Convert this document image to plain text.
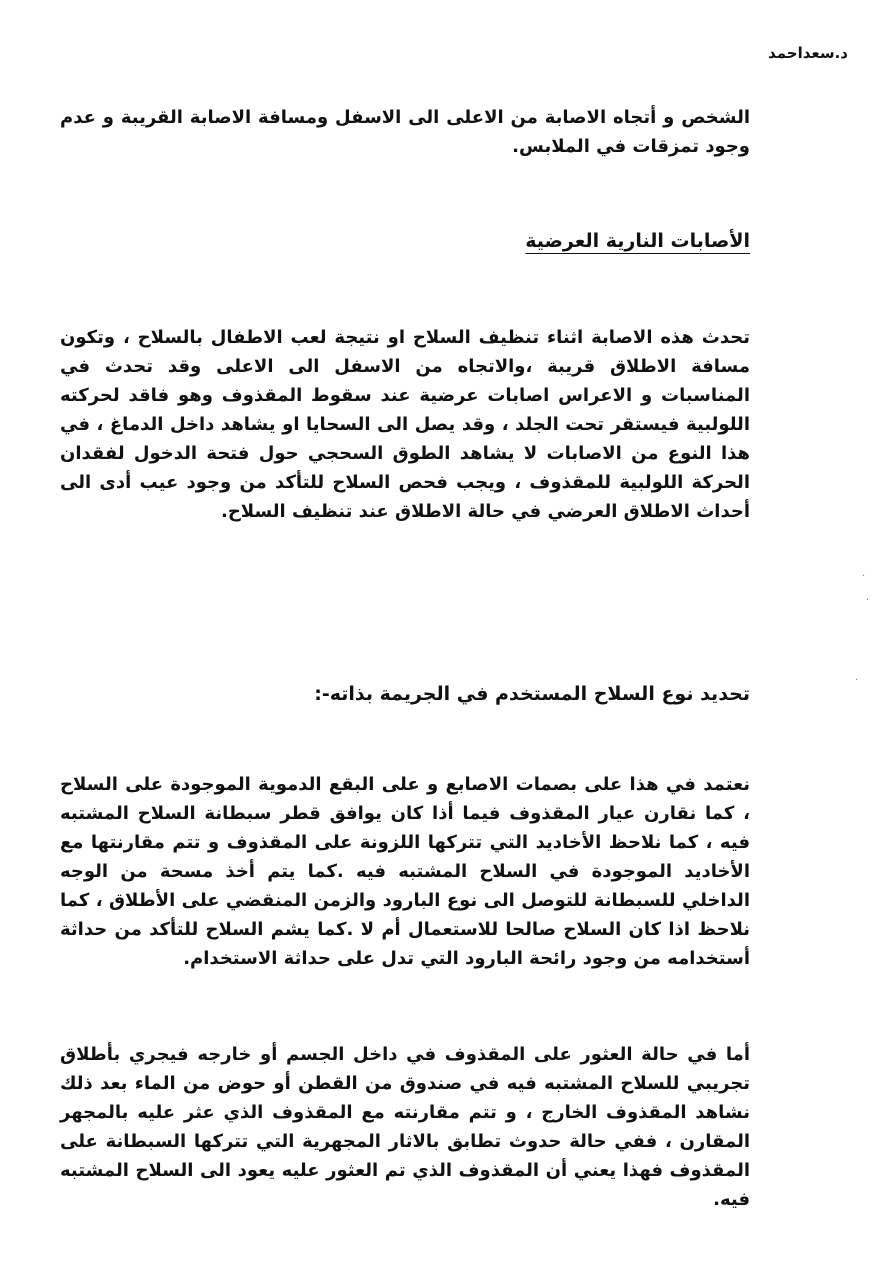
د.سعداحمد

الشخص و أتجاه الاصابة من الاعلى الى الاسفل ومسافة الاصابة القريبة و عدم وجود تمزقات في الملابس.

الأصابات النارية العرضية

تحدث هذه الاصابة اثناء تنظيف السلاح او نتيجة لعب الاطفال بالسلاح ، وتكون مسافة الاطلاق قريبة ،والاتجاه من الاسفل الى الاعلى وقد تحدث في المناسبات و الاعراس اصابات عرضية عند سقوط المقذوف وهو فاقد لحركته اللولبية فيستقر تحت الجلد ، وقد يصل الى السحايا او يشاهد داخل الدماغ ، في هذا النوع من الاصابات لا يشاهد الطوق السحجي حول فتحة الدخول لفقدان الحركة اللولبية للمقذوف ، ويجب فحص السلاح للتأكد من وجود عيب أدى الى أحداث الاطلاق العرضي في حالة الاطلاق عند تنظيف السلاح.

·
·
·
تحديد نوع السلاح المستخدم في الجريمة بذاته-:

نعتمد في هذا على بصمات الاصابع و على البقع الدموية الموجودة على السلاح ، كما نقارن عيار المقذوف فيما أذا كان يوافق قطر سبطانة السلاح المشتبه فيه ، كما نلاحظ الأخاديد التي تتركها اللزونة على المقذوف و تتم مقارنتها مع الأخاديد الموجودة في السلاح المشتبه فيه .كما يتم أخذ مسحة من الوجه الداخلي للسبطانة للتوصل الى نوع البارود والزمن المنقضي على الأطلاق ، كما نلاحظ اذا كان السلاح صالحا للاستعمال أم لا .كما يشم السلاح للتأكد من حداثة أستخدامه من وجود رائحة البارود التي تدل على حداثة الاستخدام.

أما في حالة العثور على المقذوف في داخل الجسم أو خارجه فيجري بأطلاق تجريبي للسلاح المشتبه فيه في صندوق من القطن أو حوض من الماء بعد ذلك نشاهد المقذوف الخارج ، و تتم مقارنته مع المقذوف الذي عثر عليه بالمجهر المقارن ، ففي حالة حدوث تطابق بالاثار المجهرية التي تتركها السبطانة على المقذوف فهذا يعني أن المقذوف الذي تم العثور عليه يعود الى السلاح المشتبه فيه.
